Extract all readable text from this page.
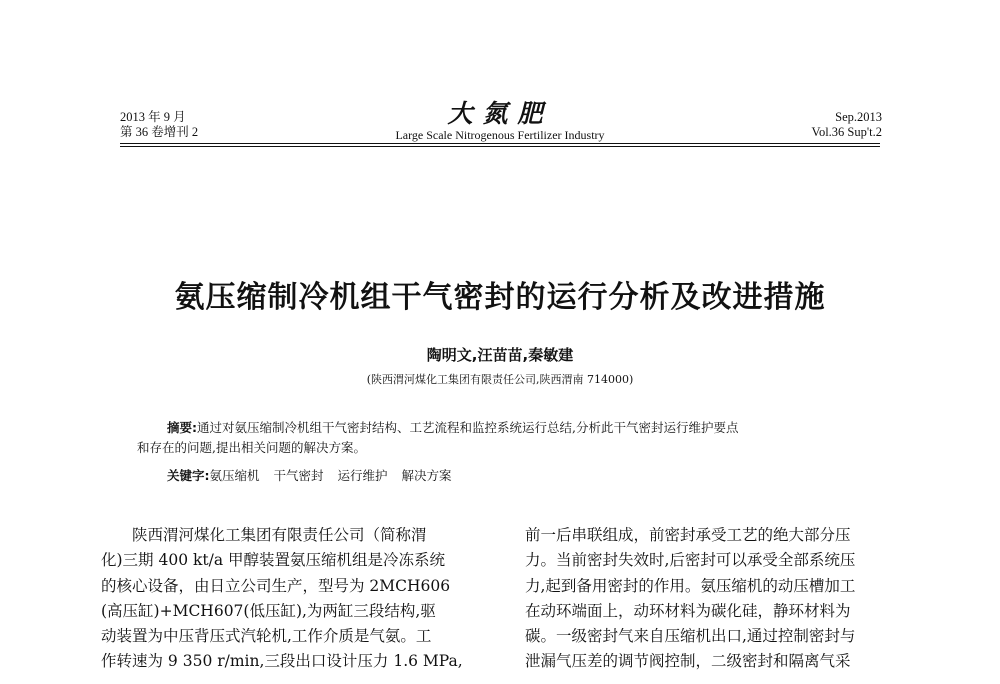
2013 年 9 月
第 36 卷增刊 2
大氮肥
Large Scale Nitrogenous Fertilizer Industry
Sep.2013
Vol.36 Sup't.2
氨压缩制冷机组干气密封的运行分析及改进措施
陶明文,汪苗苗,秦敏建
(陕西渭河煤化工集团有限责任公司,陕西渭南 714000)
摘要:通过对氨压缩制冷机组干气密封结构、工艺流程和监控系统运行总结,分析此干气密封运行维护要点
和存在的问题,提出相关问题的解决方案。
关键字:氨压缩机 干气密封 运行维护 解决方案
陕西渭河煤化工集团有限责任公司（简称渭
化)三期 400 kt/a 甲醇装置氨压缩机组是冷冻系统
的核心设备，由日立公司生产，型号为 2MCH606
(高压缸)+MCH607(低压缸),为两缸三段结构,驱
动装置为中压背压式汽轮机,工作介质是气氨。工
作转速为 9 350 r/min,三段出口设计压力 1.6 MPa,
前一后串联组成，前密封承受工艺的绝大部分压
力。当前密封失效时,后密封可以承受全部系统压
力,起到备用密封的作用。氨压缩机的动压槽加工
在动环端面上，动环材料为碳化硅，静环材料为
碳。一级密封气来自压缩机出口,通过控制密封与
泄漏气压差的调节阀控制，二级密封和隔离气采
